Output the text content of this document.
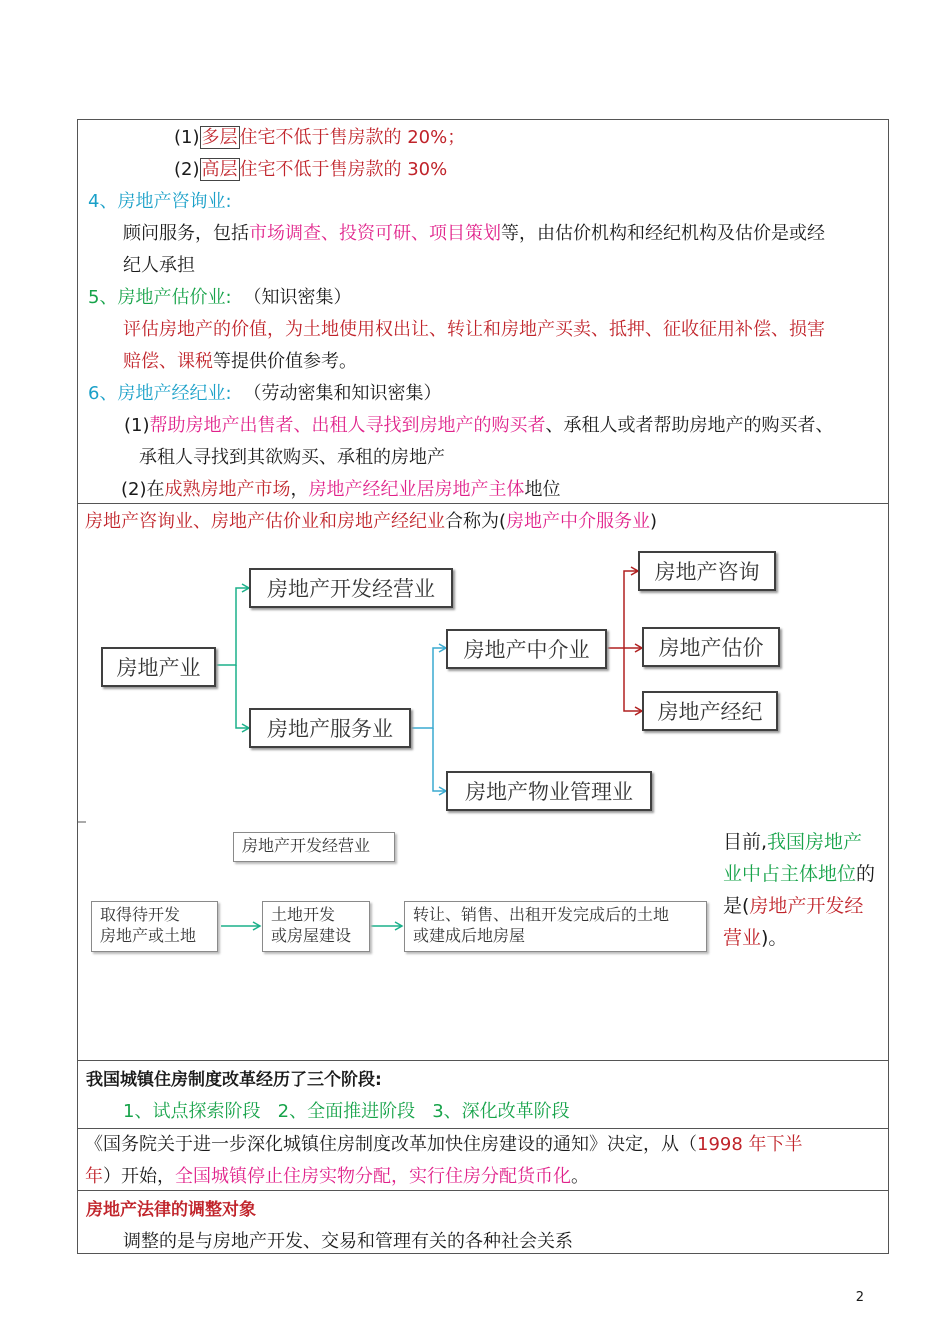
(1) 多层 住宅不低于售房款的 20%；
(2) 高层 住宅不低于售房款的 30%
4、房地产咨询业:
顾问服务，包括市场调查、投资可研、项目策划等，由估价机构和经纪机构及估价是或经
纪人承担
5、房地产估价业: （知识密集）
评估房地产的价值，为土地使用权出让、转让和房地产买卖、抵押、征收征用补偿、损害
赔偿、课税等提供价值参考。
6、房地产经纪业: （劳动密集和知识密集）
(1)帮助房地产出售者、出租人寻找到房地产的购买者、承租人或者帮助房地产的购买者、
承租人寻找到其欲购买、承租的房地产
(2)在成熟房地产市场，房地产经纪业居房地产主体地位
房地产咨询业、房地产估价业和房地产经纪业合称为(房地产中介服务业)
房地产业
房地产开发经营业
房地产服务业
房地产中介业
房地产物业管理业
房地产咨询
房地产估价
房地产经纪
房地产开发经营业
取得待开发
房地产或土地
土地开发
或房屋建设
转让、销售、出租开发完成后的土地
或建成后地房屋
目前,我国房地产
业中占主体地位的
是(房地产开发经
营业)。
我国城镇住房制度改革经历了三个阶段:
1、试点探索阶段   2、全面推进阶段   3、深化改革阶段
《国务院关于进一步深化城镇住房制度改革加快住房建设的通知》决定，从（1998 年下半
年）开始，全国城镇停止住房实物分配，实行住房分配货币化。
房地产法律的调整对象
调整的是与房地产开发、交易和管理有关的各种社会关系
2
